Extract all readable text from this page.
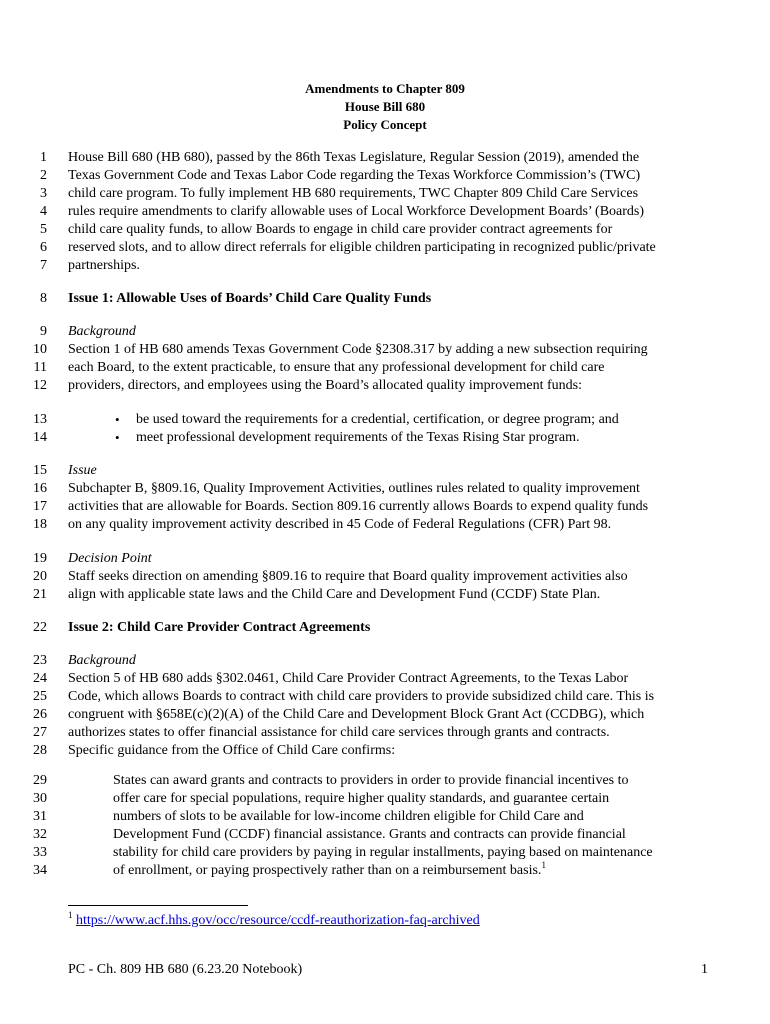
Amendments to Chapter 809
House Bill 680
Policy Concept
1 House Bill 680 (HB 680), passed by the 86th Texas Legislature, Regular Session (2019), amended the
2 Texas Government Code and Texas Labor Code regarding the Texas Workforce Commission’s (TWC)
3 child care program. To fully implement HB 680 requirements, TWC Chapter 809 Child Care Services
4 rules require amendments to clarify allowable uses of Local Workforce Development Boards’ (Boards)
5 child care quality funds, to allow Boards to engage in child care provider contract agreements for
6 reserved slots, and to allow direct referrals for eligible children participating in recognized public/private
7 partnerships.
8 Issue 1: Allowable Uses of Boards’ Child Care Quality Funds
9 Background
10 Section 1 of HB 680 amends Texas Government Code §2308.317 by adding a new subsection requiring
11 each Board, to the extent practicable, to ensure that any professional development for child care
12 providers, directors, and employees using the Board’s allocated quality improvement funds:
13	• be used toward the requirements for a credential, certification, or degree program; and
14	• meet professional development requirements of the Texas Rising Star program.
15 Issue
16 Subchapter B, §809.16, Quality Improvement Activities, outlines rules related to quality improvement
17 activities that are allowable for Boards. Section 809.16 currently allows Boards to expend quality funds
18 on any quality improvement activity described in 45 Code of Federal Regulations (CFR) Part 98.
19 Decision Point
20 Staff seeks direction on amending §809.16 to require that Board quality improvement activities also
21 align with applicable state laws and the Child Care and Development Fund (CCDF) State Plan.
22 Issue 2: Child Care Provider Contract Agreements
23 Background
24 Section 5 of HB 680 adds §302.0461, Child Care Provider Contract Agreements, to the Texas Labor
25 Code, which allows Boards to contract with child care providers to provide subsidized child care. This is
26 congruent with §658E(c)(2)(A) of the Child Care and Development Block Grant Act (CCDBG), which
27 authorizes states to offer financial assistance for child care services through grants and contracts.
28 Specific guidance from the Office of Child Care confirms:
29	States can award grants and contracts to providers in order to provide financial incentives to
30	offer care for special populations, require higher quality standards, and guarantee certain
31	numbers of slots to be available for low-income children eligible for Child Care and
32	Development Fund (CCDF) financial assistance. Grants and contracts can provide financial
33	stability for child care providers by paying in regular installments, paying based on maintenance
34	of enrollment, or paying prospectively rather than on a reimbursement basis.$^1$
$^1$ https://www.acf.hhs.gov/occ/resource/ccdf-reauthorization-faq-archived
PC - Ch. 809 HB 680 (6.23.20 Notebook)	1
